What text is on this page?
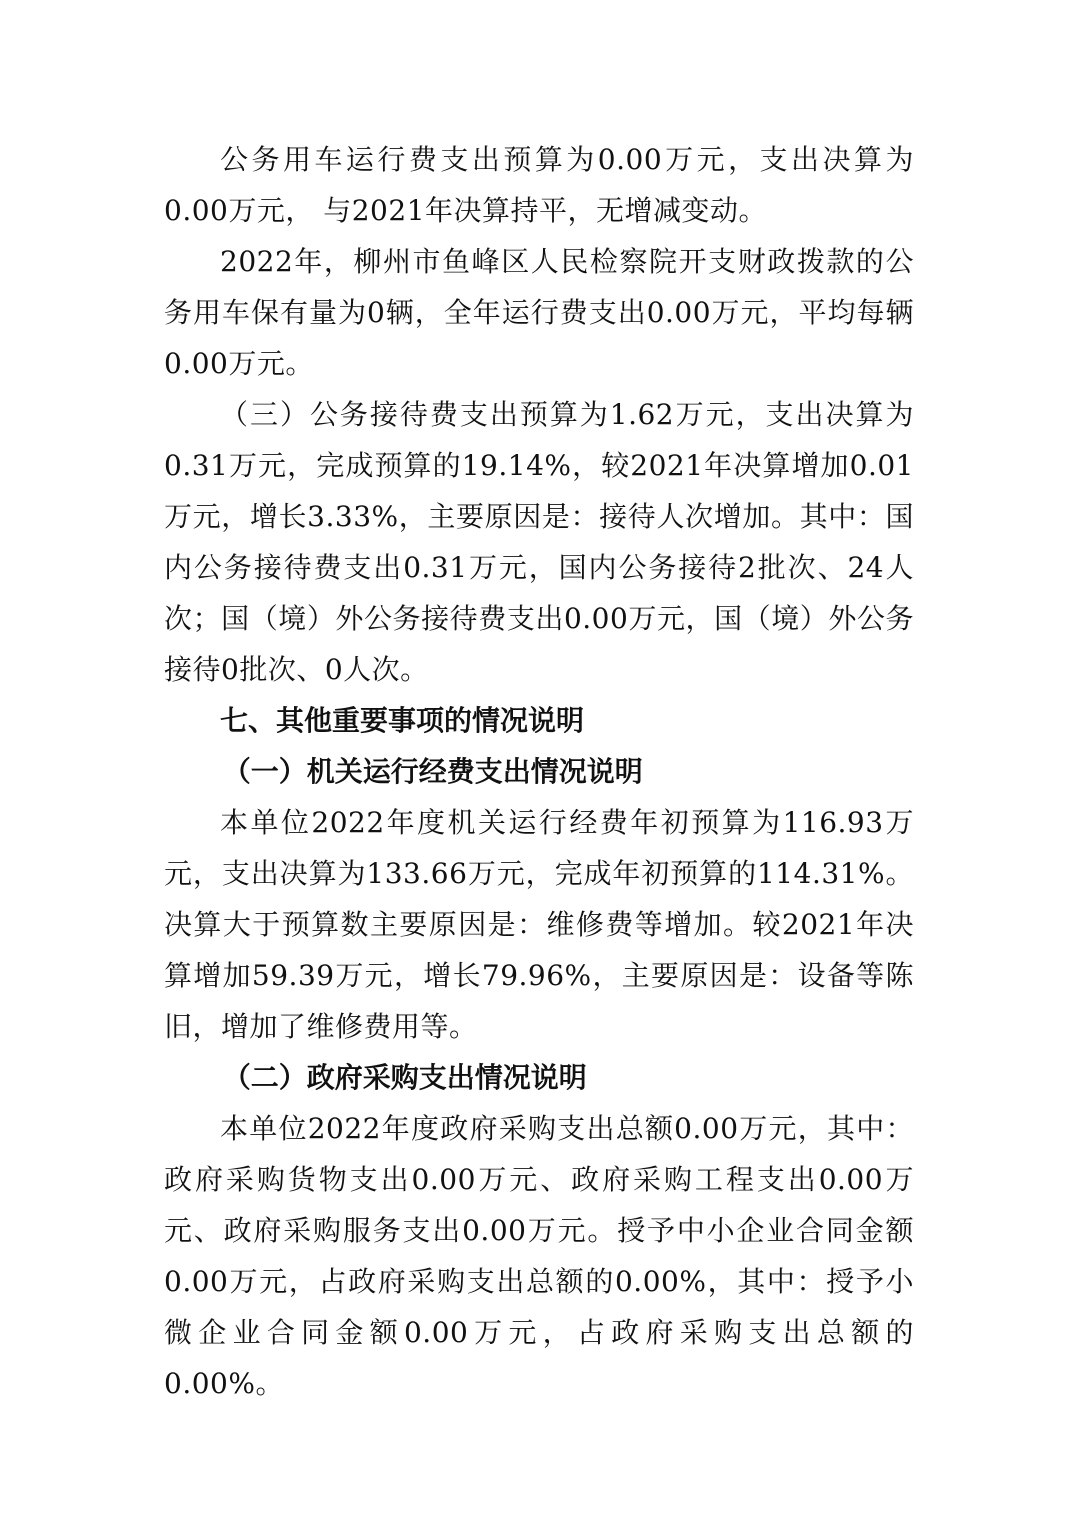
公务用车运行费支出预算为0.00万元，支出决算为0.00万元， 与2021年决算持平，无增减变动。

2022年，柳州市鱼峰区人民检察院开支财政拨款的公务用车保有量为0辆，全年运行费支出0.00万元，平均每辆0.00万元。

（三）公务接待费支出预算为1.62万元，支出决算为0.31万元，完成预算的19.14%，较2021年决算增加0.01万元，增长3.33%，主要原因是：接待人次增加。其中：国内公务接待费支出0.31万元，国内公务接待2批次、24人次；国（境）外公务接待费支出0.00万元，国（境）外公务接待0批次、0人次。

七、其他重要事项的情况说明

（一）机关运行经费支出情况说明

本单位2022年度机关运行经费年初预算为116.93万元，支出决算为133.66万元，完成年初预算的114.31%。决算大于预算数主要原因是：维修费等增加。较2021年决算增加59.39万元，增长79.96%，主要原因是：设备等陈旧，增加了维修费用等。

（二）政府采购支出情况说明

本单位2022年度政府采购支出总额0.00万元，其中：政府采购货物支出0.00万元、政府采购工程支出0.00万元、政府采购服务支出0.00万元。授予中小企业合同金额0.00万元，占政府采购支出总额的0.00%，其中：授予小微企业合同金额0.00万元，占政府采购支出总额的0.00%。
